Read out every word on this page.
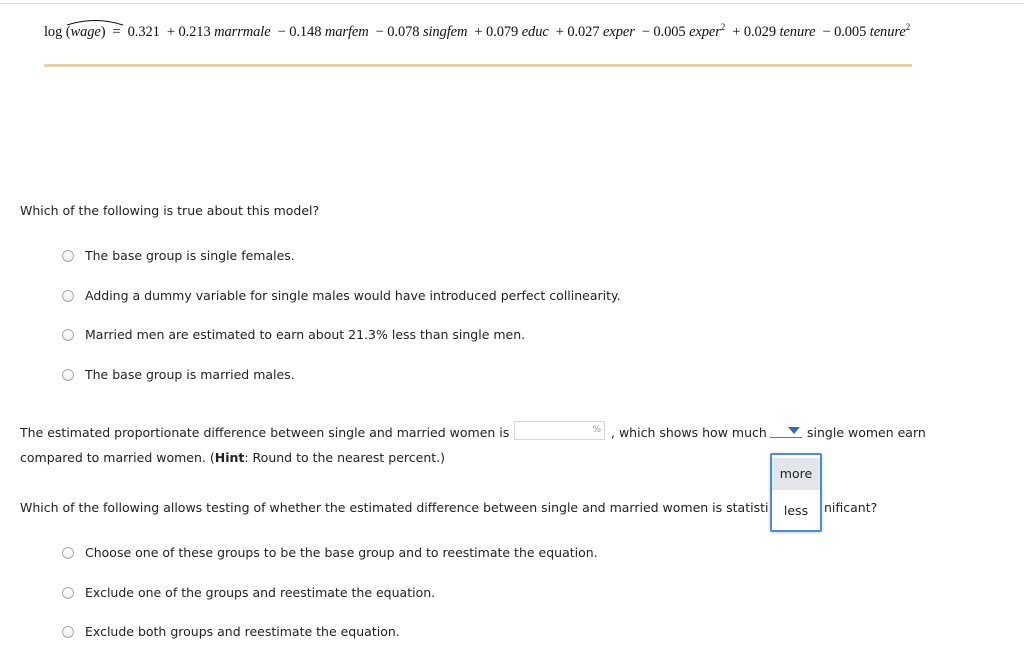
log
(wage)  = 0.321 + 0.213 marrmale − 0.148 marfem − 0.078 singfem + 0.079 educ + 0.027 exper − 0.005 exper$^2$ + 0.029 tenure − 0.005 tenure$^2$
Which of the following is true about this model?
The base group is single females.
Adding a dummy variable for single males would have introduced perfect collinearity.
Married men are estimated to earn about 21.3% less than single men.
The base group is married males.
The estimated proportionate difference between single and married women is	% , which shows how much	single women earn
compared to married women. (Hint: Round to the nearest percent.)
Which of the following allows testing of whether the estimated difference between single and married women is statisti	nificant?
more
less
Choose one of these groups to be the base group and to reestimate the equation.
Exclude one of the groups and reestimate the equation.
Exclude both groups and reestimate the equation.
